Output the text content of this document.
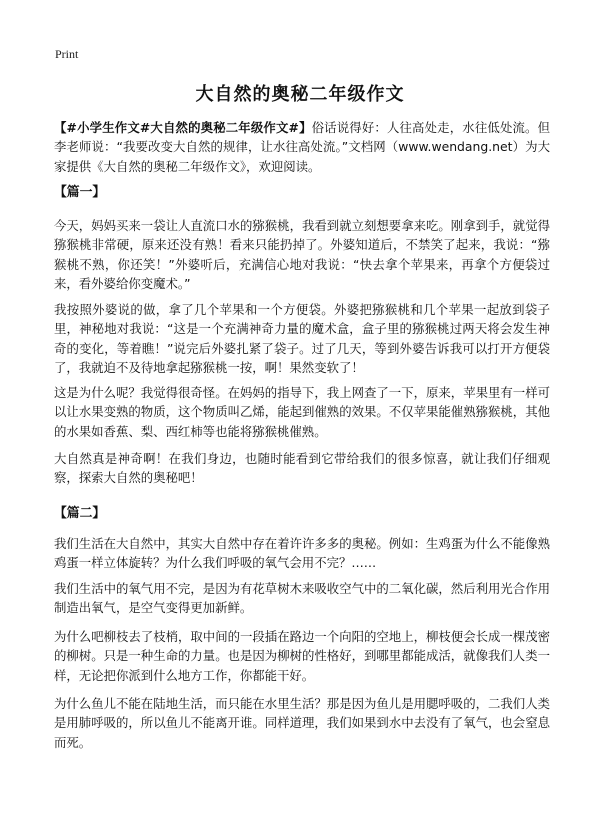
Print
大自然的奥秘二年级作文
【#小学生作文#大自然的奥秘二年级作文#】俗话说得好：人往高处走，水往低处流。但李老师说：“我要改变大自然的规律，让水往高处流。”文档网（www.wendang.net）为大家提供《大自然的奥秘二年级作文》，欢迎阅读。
【篇一】

今天，妈妈买来一袋让人直流口水的猕猴桃，我看到就立刻想要拿来吃。刚拿到手，就觉得猕猴桃非常硬，原来还没有熟！看来只能扔掉了。外婆知道后，不禁笑了起来，我说：“猕猴桃不熟，你还笑！”外婆听后，充满信心地对我说：“快去拿个苹果来，再拿个方便袋过来，看外婆给你变魔术。”

我按照外婆说的做，拿了几个苹果和一个方便袋。外婆把猕猴桃和几个苹果一起放到袋子里，神秘地对我说：“这是一个充满神奇力量的魔术盒，盒子里的猕猴桃过两天将会发生神奇的变化，等着瞧！”说完后外婆扎紧了袋子。过了几天，等到外婆告诉我可以打开方便袋了，我就迫不及待地拿起猕猴桃一按，啊！果然变软了！

这是为什么呢？我觉得很奇怪。在妈妈的指导下，我上网查了一下，原来，苹果里有一样可以让水果变熟的物质，这个物质叫乙烯，能起到催熟的效果。不仅苹果能催熟猕猴桃，其他的水果如香蕉、梨、西红柿等也能将猕猴桃催熟。

大自然真是神奇啊！在我们身边，也随时能看到它带给我们的很多惊喜，就让我们仔细观察，探索大自然的奥秘吧！

【篇二】

我们生活在大自然中，其实大自然中存在着许许多多的奥秘。例如：生鸡蛋为什么不能像熟鸡蛋一样立体旋转？为什么我们呼吸的氧气会用不完？……

我们生活中的氧气用不完，是因为有花草树木来吸收空气中的二氧化碳，然后利用光合作用制造出氧气，是空气变得更加新鲜。

为什么吧柳枝去了枝梢，取中间的一段插在路边一个向阳的空地上，柳枝便会长成一棵茂密的柳树。只是一种生命的力量。也是因为柳树的性格好，到哪里都能成活，就像我们人类一样，无论把你派到什么地方工作，你都能干好。

为什么鱼儿不能在陆地生活，而只能在水里生活？那是因为鱼儿是用腮呼吸的，二我们人类是用肺呼吸的，所以鱼儿不能离开谁。同样道理，我们如果到水中去没有了氧气，也会窒息而死。
